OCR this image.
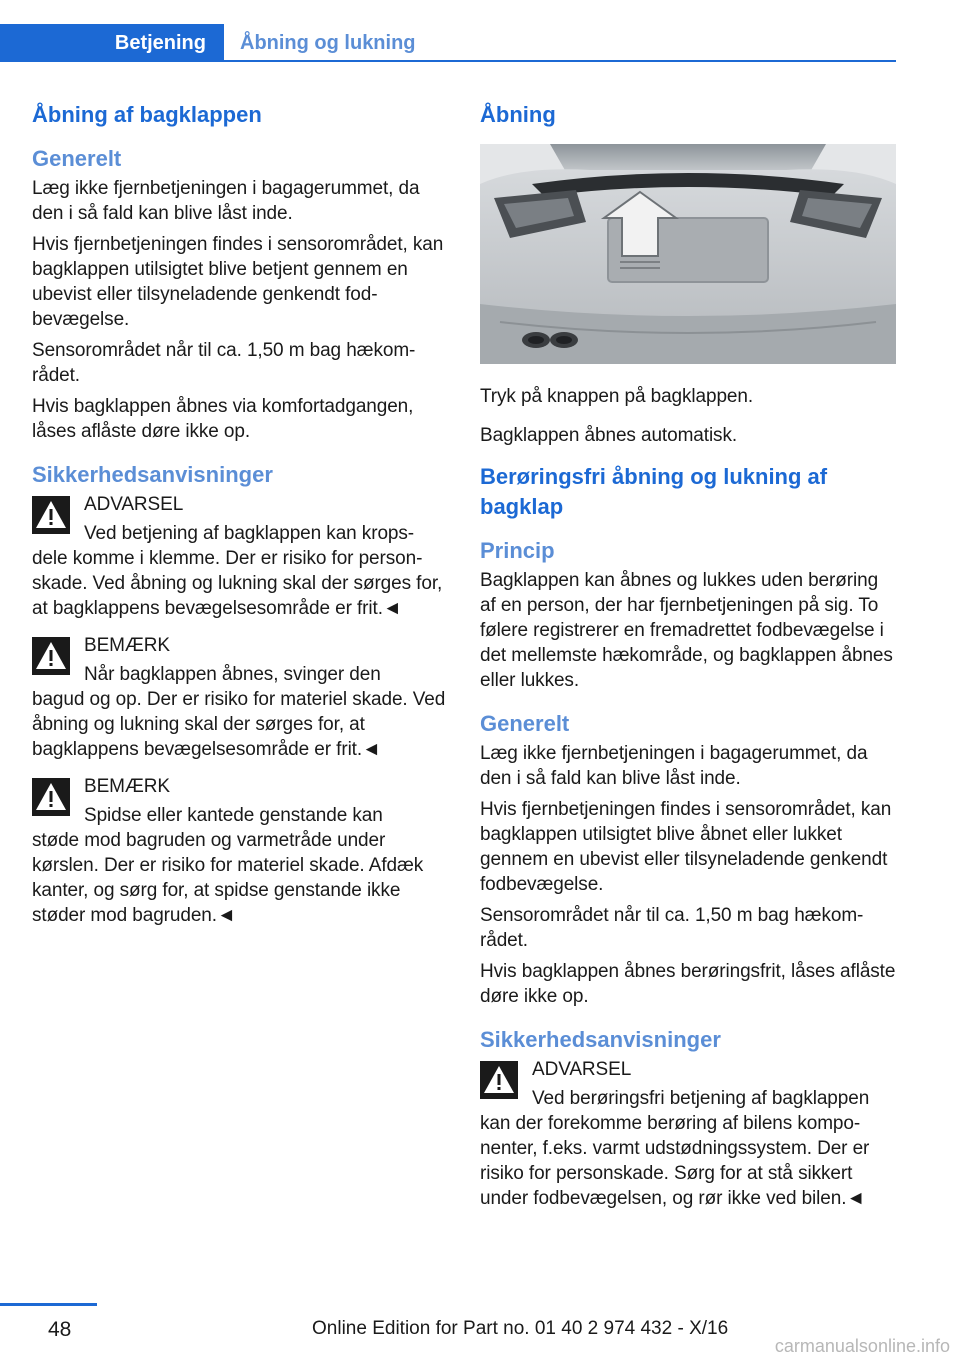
Betjening	Åbning og lukning
Åbning af bagklappen
Generelt

Læg ikke fjernbetjeningen i bagagerummet, da den i så fald kan blive låst inde.

Hvis fjernbetjeningen findes i sensorområdet, kan bagklappen utilsigtet blive betjent gennem en ubevist eller tilsyneladende genkendt fodbevægelse.

Sensorområdet når til ca. 1,50 m bag hækområdet.

Hvis bagklappen åbnes via komfortadgangen, låses aflåste døre ikke op.

Sikkerhedsanvisninger

ADVARSEL

Ved betjening af bagklappen kan krops-

dele komme i klemme. Der er risiko for personskade. Ved åbning og lukning skal der sørges for, at bagklappens bevægelsesområde er frit.◄

BEMÆRK

Når bagklappen åbnes, svinger den

bagud og op. Der er risiko for materiel skade. Ved åbning og lukning skal der sørges for, at bagklappens bevægelsesområde er frit.◄

BEMÆRK

Spidse eller kantede genstande kan

støde mod bagruden og varmetråde under kørslen. Der er risiko for materiel skade. Afdæk kanter, og sørg for, at spidse genstande ikke støder mod bagruden.◄

Åbning

Tryk på knappen på bagklappen.

Bagklappen åbnes automatisk.

Berøringsfri åbning og lukning af bagklap
Princip

Bagklappen kan åbnes og lukkes uden berøring af en person, der har fjernbetjeningen på sig. To følere registrerer en fremadrettet fodbevægelse i det mellemste hækområde, og bagklappen åbnes eller lukkes.

Generelt

Læg ikke fjernbetjeningen i bagagerummet, da den i så fald kan blive låst inde.

Hvis fjernbetjeningen findes i sensorområdet, kan bagklappen utilsigtet blive åbnet eller lukket gennem en ubevist eller tilsyneladende genkendt fodbevægelse.

Sensorområdet når til ca. 1,50 m bag hækområdet.

Hvis bagklappen åbnes berøringsfrit, låses aflåste døre ikke op.

Sikkerhedsanvisninger

ADVARSEL

Ved berøringsfri betjening af bagklappen

kan der forekomme berøring af bilens komponenter, f.eks. varmt udstødningssystem. Der er risiko for personskade. Sørg for at stå sikkert under fodbevægelsen, og rør ikke ved bilen.◄

48	Online Edition for Part no. 01 40 2 974 432 - X/16
carmanualsonline.info
